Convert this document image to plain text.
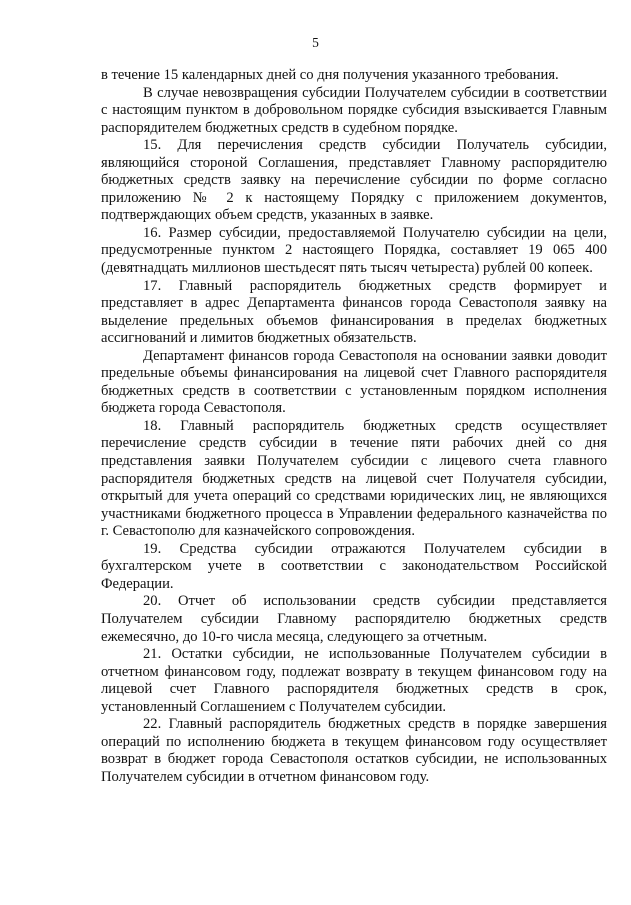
5

в течение 15 календарных дней со дня получения указанного требования.

В случае невозвращения субсидии Получателем субсидии в соответствии с настоящим пунктом в добровольном порядке субсидия взыскивается Главным распорядителем бюджетных средств в судебном порядке.

15. Для перечисления средств субсидии Получатель субсидии, являющийся стороной Соглашения, представляет Главному распорядителю бюджетных средств заявку на перечисление субсидии по форме согласно приложению № 2 к настоящему Порядку с приложением документов, подтверждающих объем средств, указанных в заявке.

16. Размер субсидии, предоставляемой Получателю субсидии на цели, предусмотренные пунктом 2 настоящего Порядка, составляет 19 065 400 (девятнадцать миллионов шестьдесят пять тысяч четыреста) рублей 00 копеек.

17. Главный распорядитель бюджетных средств формирует и представляет в адрес Департамента финансов города Севастополя заявку на выделение предельных объемов финансирования в пределах бюджетных ассигнований и лимитов бюджетных обязательств.

Департамент финансов города Севастополя на основании заявки доводит предельные объемы финансирования на лицевой счет Главного распорядителя бюджетных средств в соответствии с установленным порядком исполнения бюджета города Севастополя.

18. Главный распорядитель бюджетных средств осуществляет перечисление средств субсидии в течение пяти рабочих дней со дня представления заявки Получателем субсидии с лицевого счета главного распорядителя бюджетных средств на лицевой счет Получателя субсидии, открытый для учета операций со средствами юридических лиц, не являющихся участниками бюджетного процесса в Управлении федерального казначейства по г. Севастополю для казначейского сопровождения.

19. Средства субсидии отражаются Получателем субсидии в бухгалтерском учете в соответствии с законодательством Российской Федерации.

20. Отчет об использовании средств субсидии представляется Получателем субсидии Главному распорядителю бюджетных средств ежемесячно, до 10-го числа месяца, следующего за отчетным.

21. Остатки субсидии, не использованные Получателем субсидии в отчетном финансовом году, подлежат возврату в текущем финансовом году на лицевой счет Главного распорядителя бюджетных средств в срок, установленный Соглашением с Получателем субсидии.

22. Главный распорядитель бюджетных средств в порядке завершения операций по исполнению бюджета в текущем финансовом году осуществляет возврат в бюджет города Севастополя остатков субсидии, не использованных Получателем субсидии в отчетном финансовом году.
